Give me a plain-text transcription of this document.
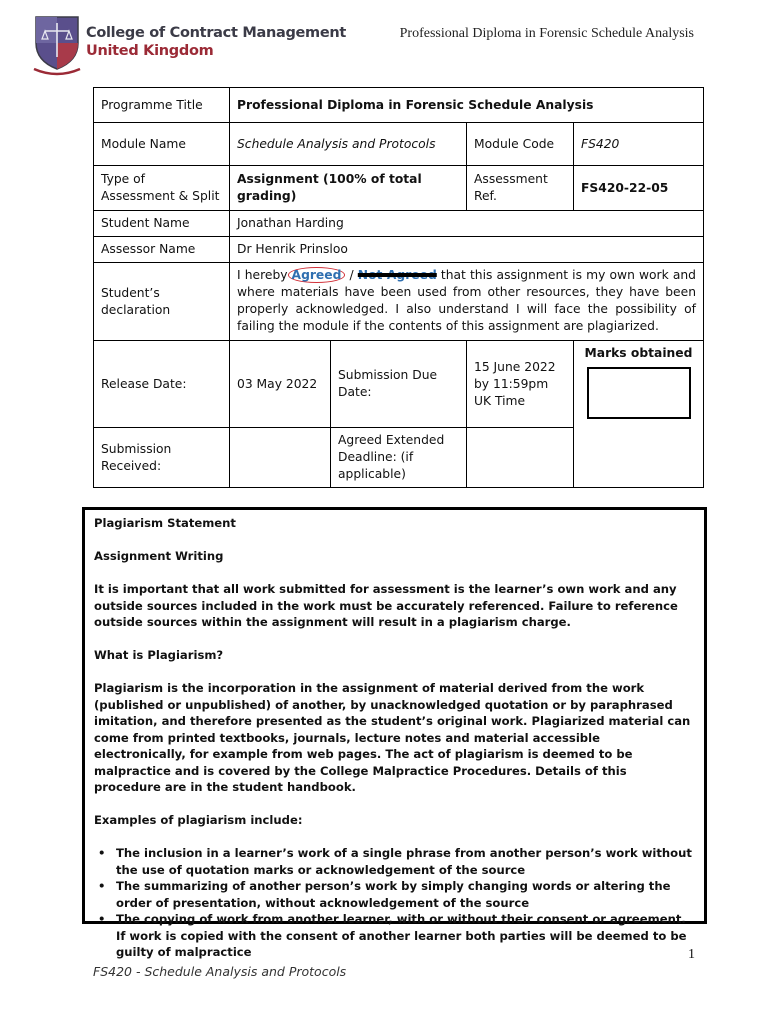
College of Contract Management
United Kingdom
Professional Diploma in Forensic Schedule Analysis
Programme Title	Professional Diploma in Forensic Schedule Analysis			
Module Name	Schedule Analysis and Protocols		Module Code	FS420
Type of Assessment & Split	Assignment (100% of total grading)		Assessment Ref.	FS420-22-05
Student Name	Jonathan Harding			
Assessor Name	Dr Henrik Prinsloo			
Student’s declaration	I hereby Agreed / Not Agreed that this assignment is my own work and where materials have been used from other resources, they have been properly acknowledged. I also understand I will face the possibility of failing the module if the contents of this assignment are plagiarized.			
Release Date:	03 May 2022	Submission Due Date:	15 June 2022 by 11:59pm UK Time	Marks obtained

Submission Received:		Agreed Extended Deadline: (if applicable)		

Plagiarism Statement

Assignment Writing

It is important that all work submitted for assessment is the learner’s own work and any outside sources included in the work must be accurately referenced. Failure to reference outside sources within the assignment will result in a plagiarism charge.

What is Plagiarism?

Plagiarism is the incorporation in the assignment of material derived from the work (published or unpublished) of another, by unacknowledged quotation or by paraphrased imitation, and therefore presented as the student’s original work. Plagiarized material can come from printed textbooks, journals, lecture notes and material accessible electronically, for example from web pages. The act of plagiarism is deemed to be malpractice and is covered by the College Malpractice Procedures. Details of this procedure are in the student handbook.

Examples of plagiarism include:

• The inclusion in a learner’s work of a single phrase from another person’s work without the use of quotation marks or acknowledgement of the source
• The summarizing of another person’s work by simply changing words or altering the order of presentation, without acknowledgement of the source
• The copying of work from another learner, with or without their consent or agreement. If work is copied with the consent of another learner both parties will be deemed to be guilty of malpractice	1
FS420 - Schedule Analysis and Protocols
